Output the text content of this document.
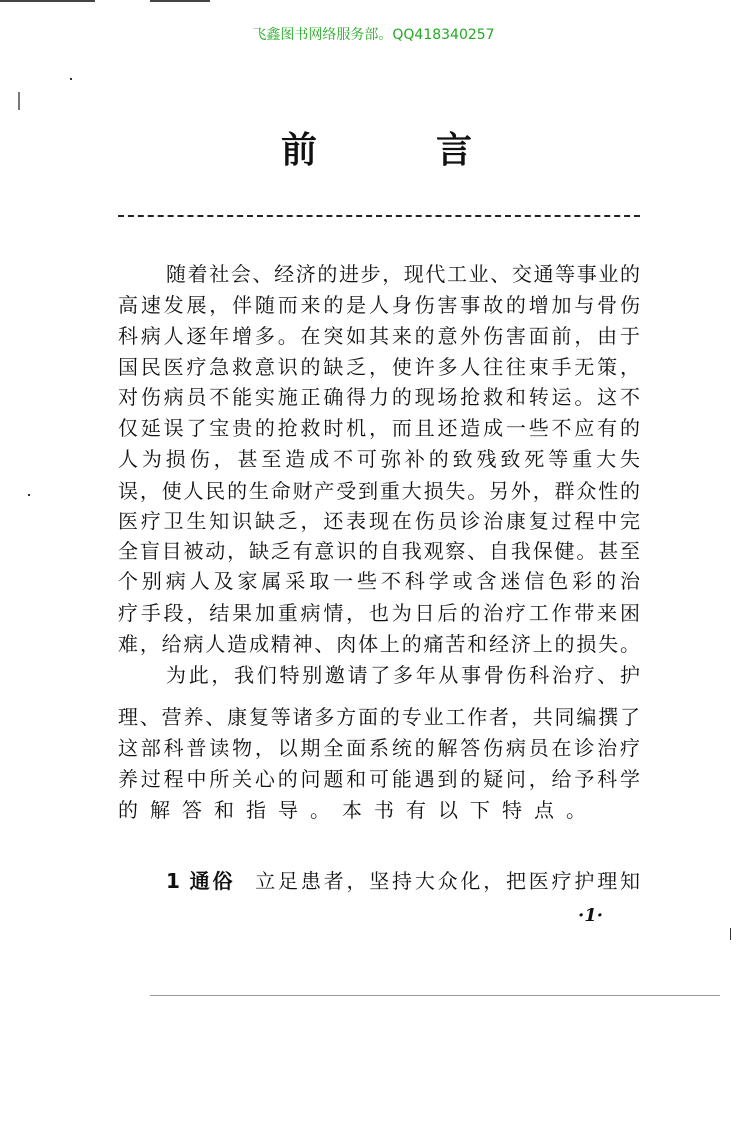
飞鑫图书网络服务部。QQ418340257
前	言
随着社会、经济的进步，现代工业、交通等事业的
高速发展，伴随而来的是人身伤害事故的增加与骨伤
科病人逐年增多。在突如其来的意外伤害面前，由于
国民医疗急救意识的缺乏，使许多人往往束手无策，
对伤病员不能实施正确得力的现场抢救和转运。这不
仅延误了宝贵的抢救时机，而且还造成一些不应有的
人为损伤，甚至造成不可弥补的致残致死等重大失
误，使人民的生命财产受到重大损失。另外，群众性的
医疗卫生知识缺乏，还表现在伤员诊治康复过程中完
全盲目被动，缺乏有意识的自我观察、自我保健。甚至
个别病人及家属采取一些不科学或含迷信色彩的治
疗手段，结果加重病情，也为日后的治疗工作带来困
难，给病人造成精神、肉体上的痛苦和经济上的损失。
为此，我们特别邀请了多年从事骨伤科治疗、护
理、营养、康复等诸多方面的专业工作者，共同编撰了
这部科普读物，以期全面系统的解答伤病员在诊治疗
养过程中所关心的问题和可能遇到的疑问，给予科学
的解答和指导。本书有以下特点。
1 通俗 立足患者，坚持大众化，把医疗护理知
·1·
